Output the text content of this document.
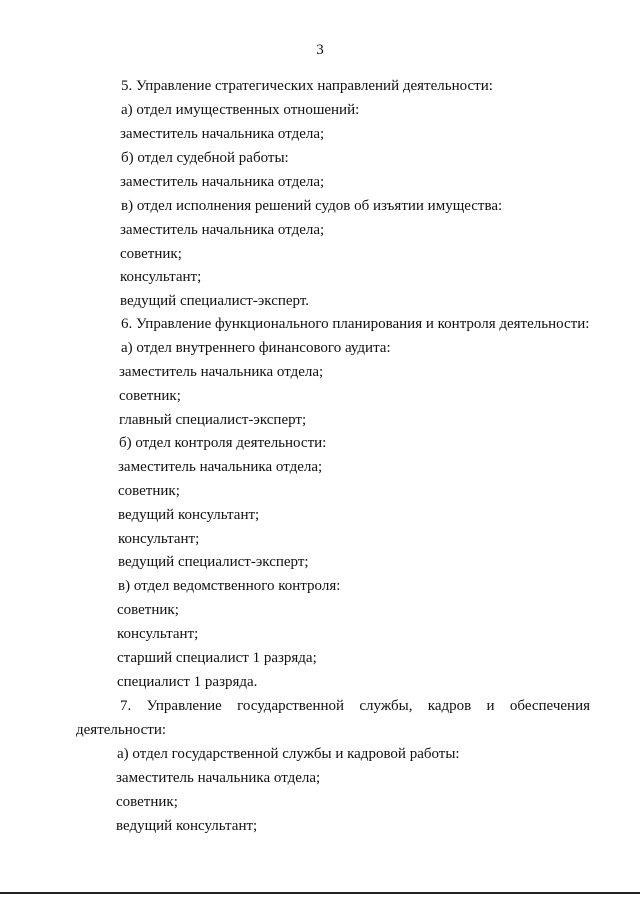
3
5. Управление стратегических направлений деятельности:
а) отдел имущественных отношений:
заместитель начальника отдела;
б) отдел судебной работы:
заместитель начальника отдела;
в) отдел исполнения решений судов об изъятии имущества:
заместитель начальника отдела;
советник;
консультант;
ведущий специалист-эксперт.
6. Управление функционального планирования и контроля деятельности:
а) отдел внутреннего финансового аудита:
заместитель начальника отдела;
советник;
главный специалист-эксперт;
б) отдел контроля деятельности:
заместитель начальника отдела;
советник;
ведущий консультант;
консультант;
ведущий специалист-эксперт;
в) отдел ведомственного контроля:
советник;
консультант;
старший специалист 1 разряда;
специалист 1 разряда.
7. Управление государственной службы, кадров и обеспечения
деятельности:
а) отдел государственной службы и кадровой работы:
заместитель начальника отдела;
советник;
ведущий консультант;
